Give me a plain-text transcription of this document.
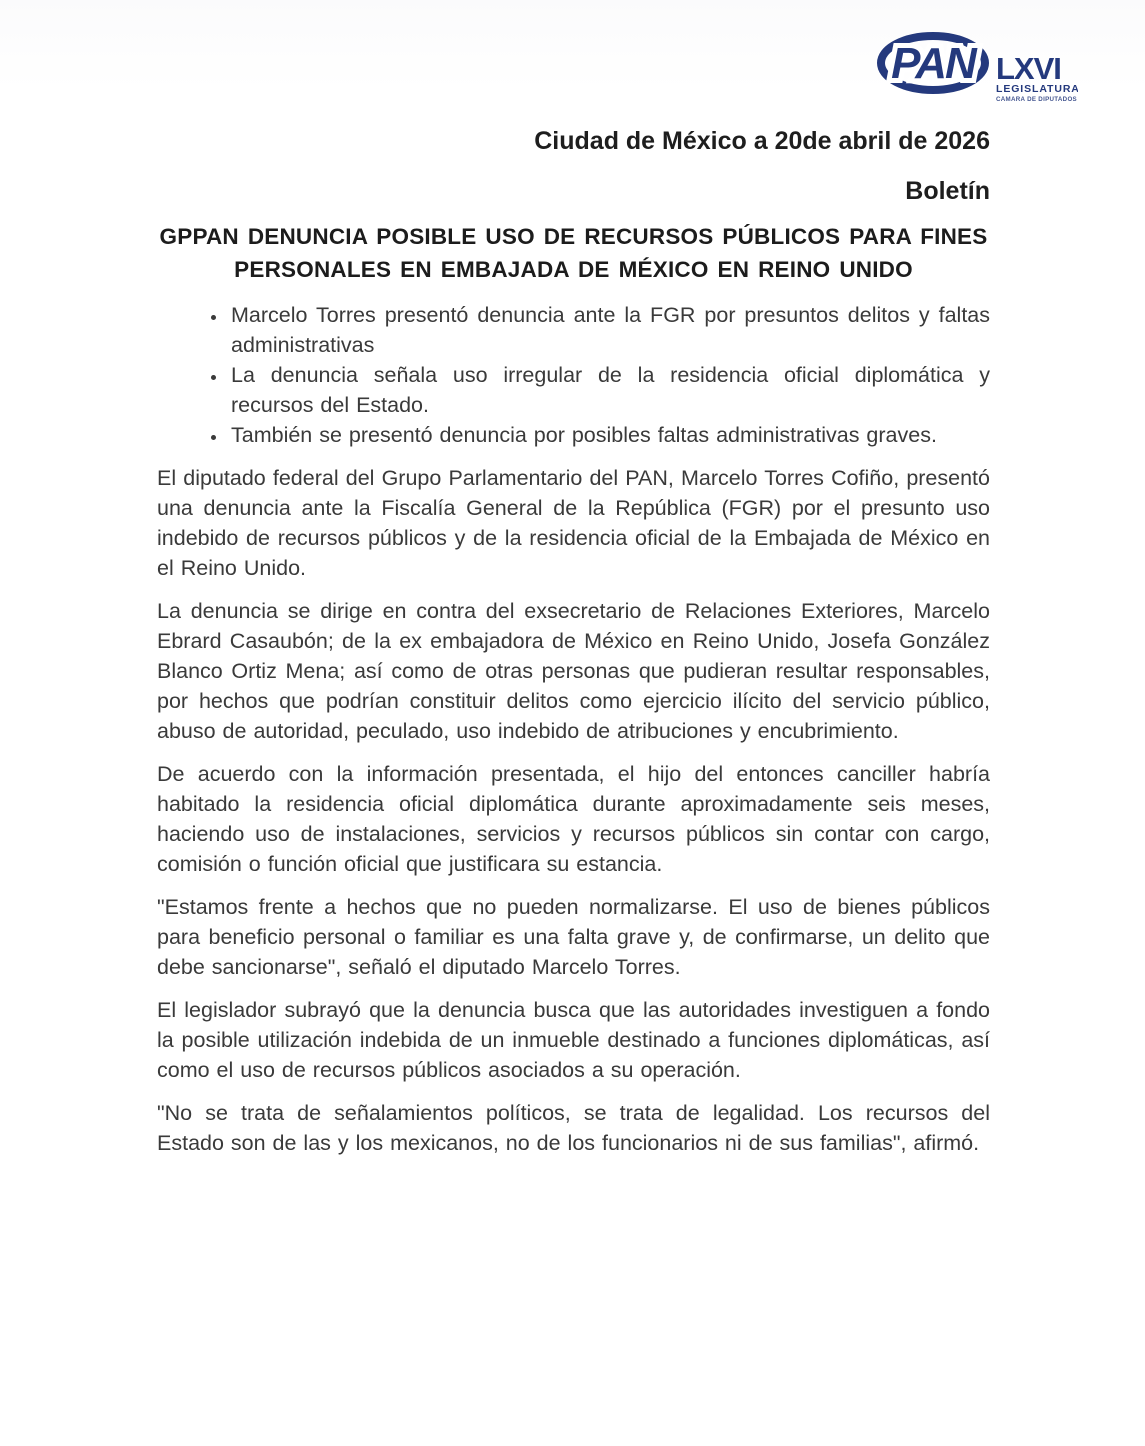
PAN LXVI
LEGISLATURA
CÁMARA DE DIPUTADOS
Ciudad de México a 20de abril de 2026
Boletín
GPPAN DENUNCIA POSIBLE USO DE RECURSOS PÚBLICOS PARA FINES
PERSONALES EN EMBAJADA DE MÉXICO EN REINO UNIDO
• Marcelo Torres presentó denuncia ante la FGR por presuntos delitos y faltas administrativas
• La denuncia señala uso irregular de la residencia oficial diplomática y recursos del Estado.
• También se presentó denuncia por posibles faltas administrativas graves.

El diputado federal del Grupo Parlamentario del PAN, Marcelo Torres Cofiño, presentó una denuncia ante la Fiscalía General de la República (FGR) por el presunto uso indebido de recursos públicos y de la residencia oficial de la Embajada de México en el Reino Unido.

La denuncia se dirige en contra del exsecretario de Relaciones Exteriores, Marcelo Ebrard Casaubón; de la ex embajadora de México en Reino Unido, Josefa González Blanco Ortiz Mena; así como de otras personas que pudieran resultar responsables, por hechos que podrían constituir delitos como ejercicio ilícito del servicio público, abuso de autoridad, peculado, uso indebido de atribuciones y encubrimiento.

De acuerdo con la información presentada, el hijo del entonces canciller habría habitado la residencia oficial diplomática durante aproximadamente seis meses, haciendo uso de instalaciones, servicios y recursos públicos sin contar con cargo, comisión o función oficial que justificara su estancia.

"Estamos frente a hechos que no pueden normalizarse. El uso de bienes públicos para beneficio personal o familiar es una falta grave y, de confirmarse, un delito que debe sancionarse", señaló el diputado Marcelo Torres.

El legislador subrayó que la denuncia busca que las autoridades investiguen a fondo la posible utilización indebida de un inmueble destinado a funciones diplomáticas, así como el uso de recursos públicos asociados a su operación.

"No se trata de señalamientos políticos, se trata de legalidad. Los recursos del Estado son de las y los mexicanos, no de los funcionarios ni de sus familias", afirmó.
